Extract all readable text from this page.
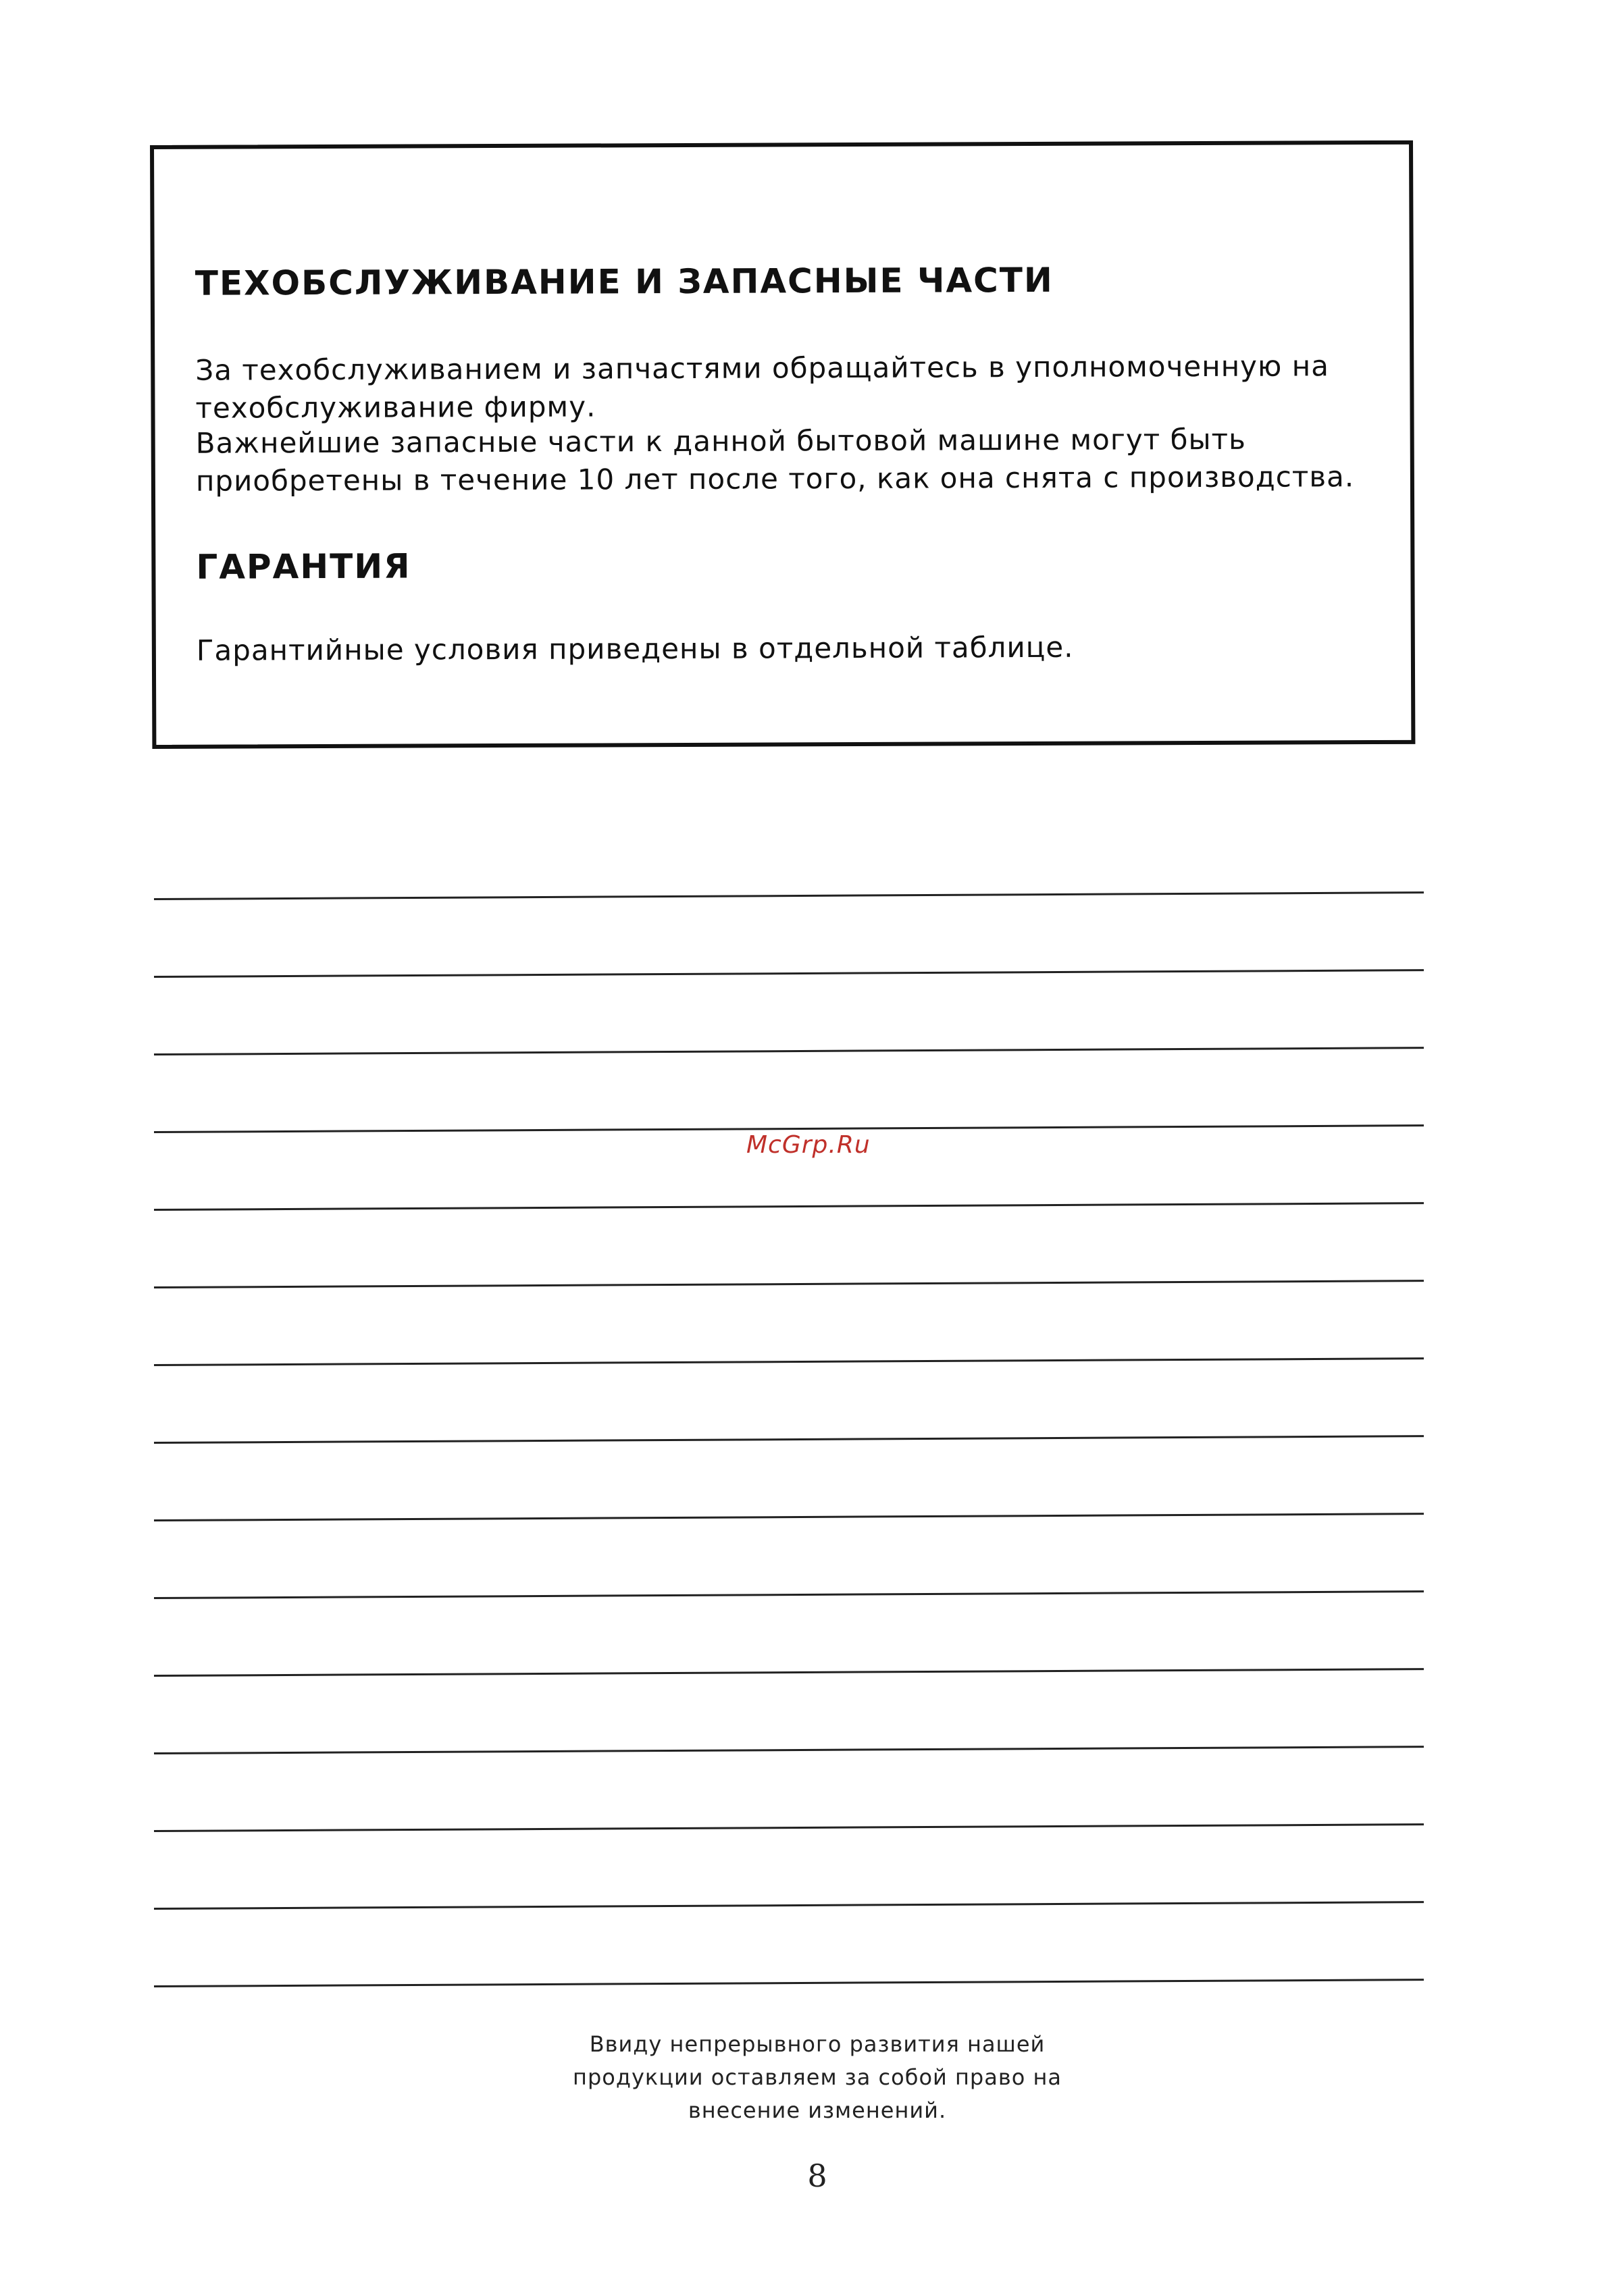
ТЕХОБСЛУЖИВАНИЕ И ЗАПАСНЫЕ ЧАСТИ
За техобслуживанием и запчастями обращайтесь в уполномоченную на
техобслуживание фирму.
Важнейшие запасные части к данной бытовой машине могут быть
приобретены в течение 10 лет после того, как она снята с производства.
ГАРАНТИЯ
Гарантийные условия приведены в отдельной таблице.
McGrp.Ru
Ввиду непрерывного развития нашей
продукции оставляем за собой право на
внесение изменений.
8
